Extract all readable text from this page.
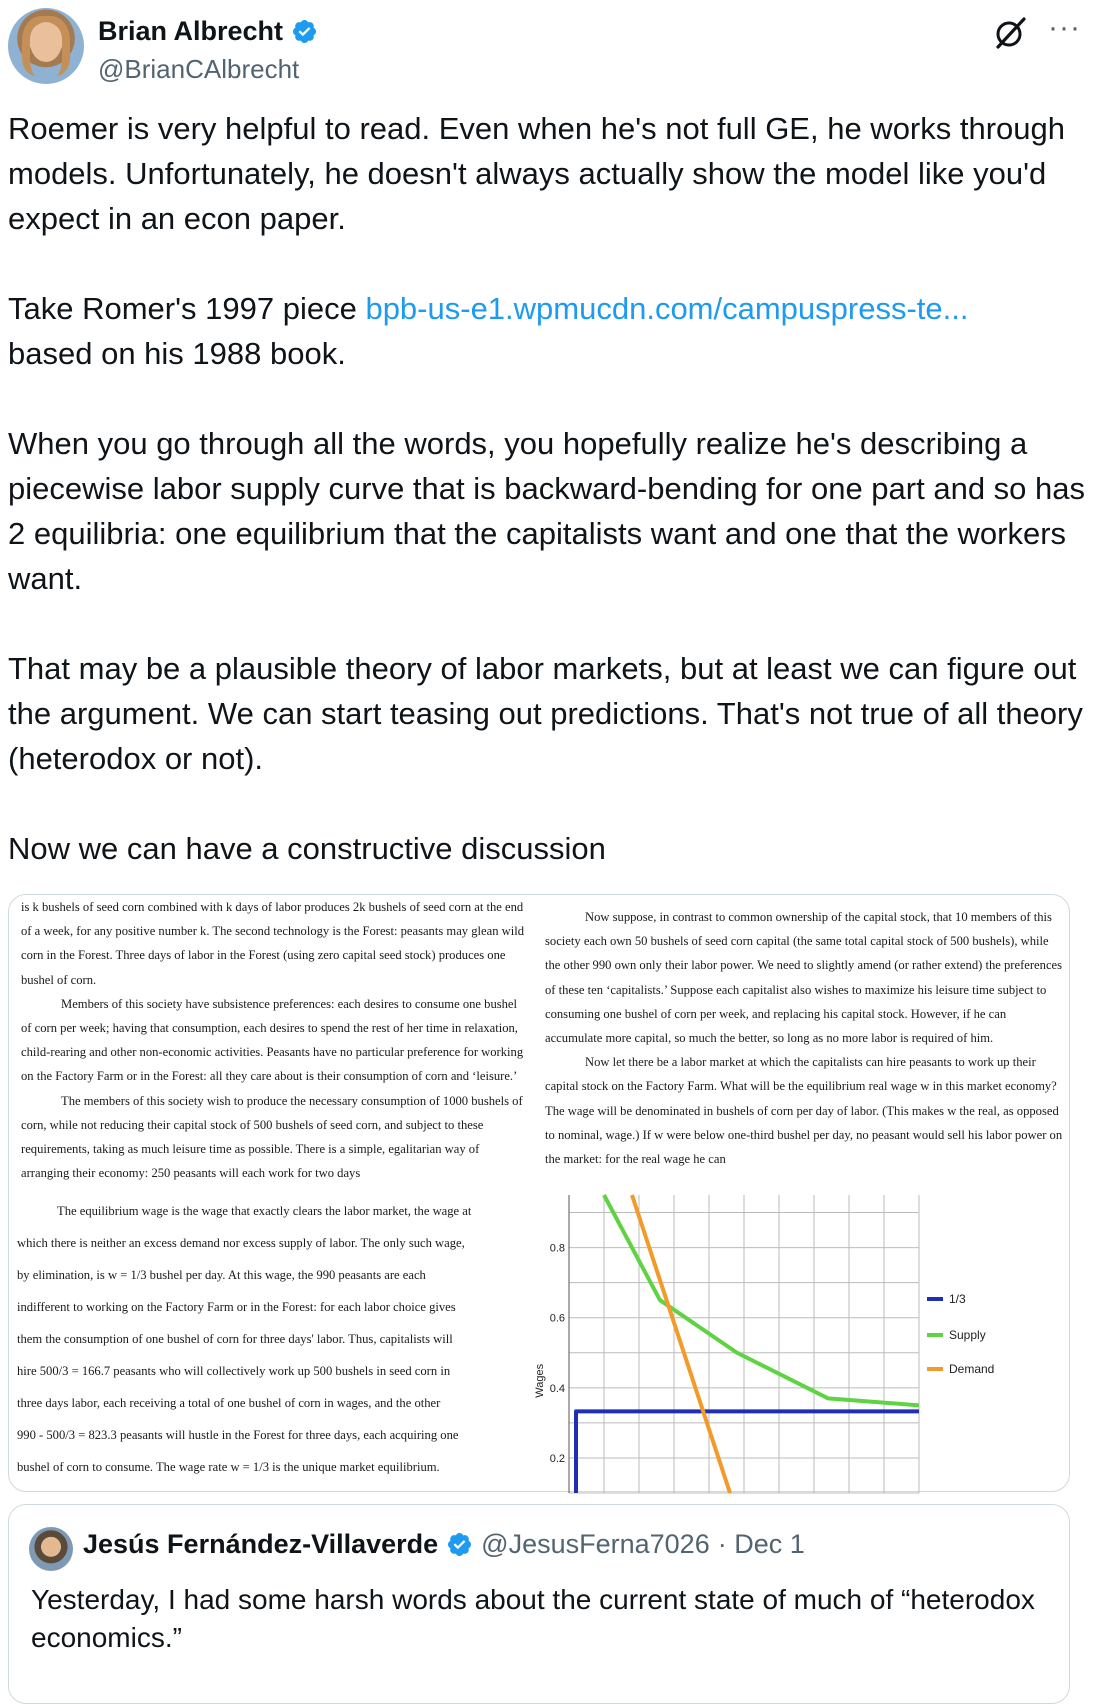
Brian Albrecht
@BrianCAlbrecht
···

Roemer is very helpful to read. Even when he's not full GE, he works through models. Unfortunately, he doesn't always actually show the model like you'd expect in an econ paper.

Take Romer's 1997 piece bpb-us-e1.wpmucdn.com/campuspress-te...
based on his 1988 book.

When you go through all the words, you hopefully realize he's describing a piecewise labor supply curve that is backward-bending for one part and so has 2 equilibria: one equilibrium that the capitalists want and one that the workers want.

That may be a plausible theory of labor markets, but at least we can figure out the argument. We can start teasing out predictions. That's not true of all theory (heterodox or not).

Now we can have a constructive discussion

is k bushels of seed corn combined with k days of labor produces 2k bushels of seed corn at the end of a week, for any positive number k. The second technology is the Forest: peasants may glean wild corn in the Forest. Three days of labor in the Forest (using zero capital seed stock) produces one bushel of corn.

Members of this society have subsistence preferences: each desires to consume one bushel of corn per week; having that consumption, each desires to spend the rest of her time in relaxation, child-rearing and other non-economic activities. Peasants have no particular preference for working on the Factory Farm or in the Forest: all they care about is their consumption of corn and ‘leisure.’

The members of this society wish to produce the necessary consumption of 1000 bushels of corn, while not reducing their capital stock of 500 bushels of seed corn, and subject to these requirements, taking as much leisure time as possible. There is a simple, egalitarian way of arranging their economy: 250 peasants will each work for two days

Now suppose, in contrast to common ownership of the capital stock, that 10 members of this society each own 50 bushels of seed corn capital (the same total capital stock of 500 bushels), while the other 990 own only their labor power. We need to slightly amend (or rather extend) the preferences of these ten ‘capitalists.’ Suppose each capitalist also wishes to maximize his leisure time subject to consuming one bushel of corn per week, and replacing his capital stock. However, if he can accumulate more capital, so much the better, so long as no more labor is required of him.

Now let there be a labor market at which the capitalists can hire peasants to work up their capital stock on the Factory Farm. What will be the equilibrium real wage w in this market economy? The wage will be denominated in bushels of corn per day of labor. (This makes w the real, as opposed to nominal, wage.) If w were below one-third bushel per day, no peasant would sell his labor power on the market: for the real wage he can

The equilibrium wage is the wage that exactly clears the labor market, the wage at
which there is neither an excess demand nor excess supply of labor. The only such wage,
by elimination, is w = 1/3 bushel per day. At this wage, the 990 peasants are each
indifferent to working on the Factory Farm or in the Forest: for each labor choice gives
them the consumption of one bushel of corn for three days' labor. Thus, capitalists will
hire 500/3 = 166.7 peasants who will collectively work up 500 bushels in seed corn in
three days labor, each receiving a total of one bushel of corn in wages, and the other
990 - 500/3 = 823.3 peasants will hustle in the Forest for three days, each acquiring one
bushel of corn to consume. The wage rate w = 1/3 is the unique market equilibrium.
0.8
0.6
0.4
0.2
Wages
1/3
Supply
Demand
Jesús Fernández-Villaverde @JesusFerna7026 · Dec 1
Yesterday, I had some harsh words about the current state of much of “heterodox economics.”
